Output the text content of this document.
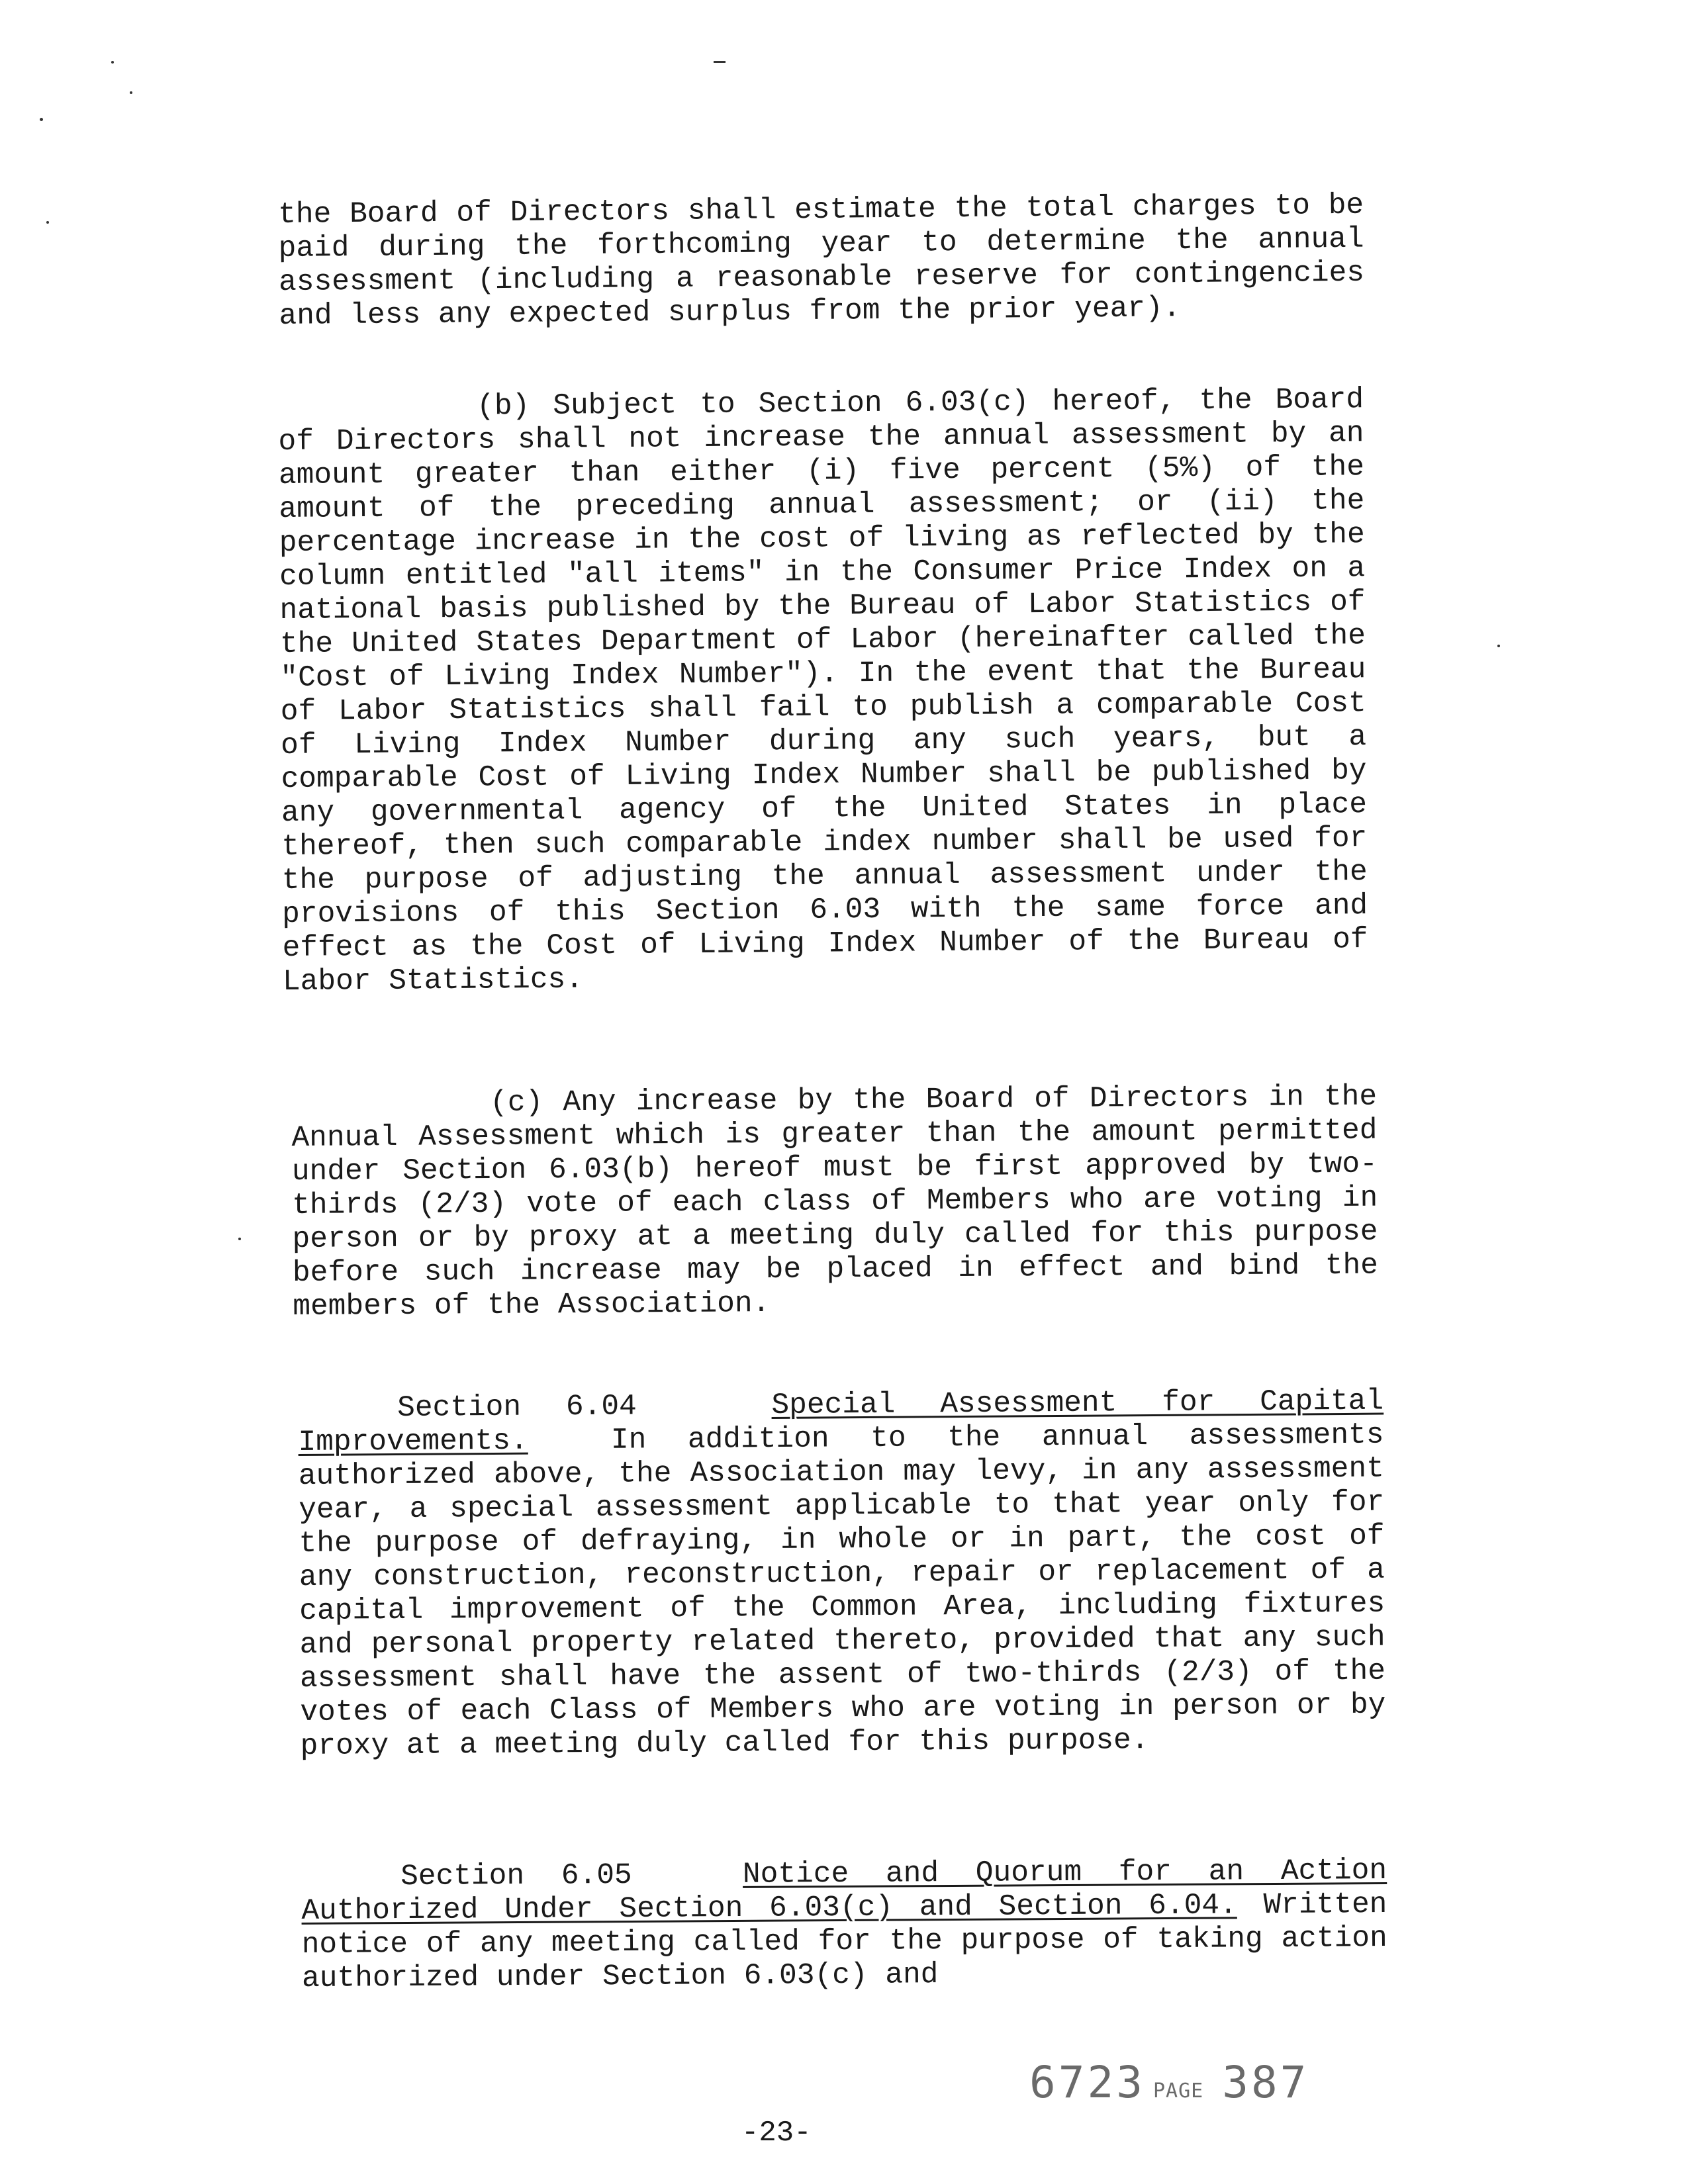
the Board of Directors shall estimate the total charges to be paid during the forthcoming year to determine the annual assessment (including a reasonable reserve for contingencies and less any expected surplus from the prior year).

(b) Subject to Section 6.03(c) hereof, the Board of Directors shall not increase the annual assessment by an amount greater than either (i) five percent (5%) of the amount of the preceding annual assessment; or (ii) the percentage increase in the cost of living as reflected by the column entitled "all items" in the Consumer Price Index on a national basis published by the Bureau of Labor Statistics of the United States Department of Labor (hereinafter called the "Cost of Living Index Number"). In the event that the Bureau of Labor Statistics shall fail to publish a comparable Cost of Living Index Number during any such years, but a comparable Cost of Living Index Number shall be published by any governmental agency of the United States in place thereof, then such comparable index number shall be used for the purpose of adjusting the annual assessment under the provisions of this Section 6.03 with the same force and effect as the Cost of Living Index Number of the Bureau of Labor Statistics.

(c) Any increase by the Board of Directors in the Annual Assessment which is greater than the amount permitted under Section 6.03(b) hereof must be first approved by two-thirds (2/3) vote of each class of Members who are voting in person or by proxy at a meeting duly called for this purpose before such increase may be placed in effect and bind the members of the Association.

Section 6.04	Special Assessment for Capital Improvements.	In addition to the annual assessments authorized above, the Association may levy, in any assessment year, a special assessment applicable to that year only for the purpose of defraying, in whole or in part, the cost of any construction, reconstruction, repair or replacement of a capital improvement of the Common Area, including fixtures and personal property related thereto, provided that any such assessment shall have the assent of two-thirds (2/3) of the votes of each Class of Members who are voting in person or by proxy at a meeting duly called for this purpose.

Section 6.05	Notice and Quorum for an Action Authorized Under Section 6.03(c) and Section 6.04. Written notice of any meeting called for the purpose of taking action authorized under Section 6.03(c) and

-23-
6723 PAGE 387
